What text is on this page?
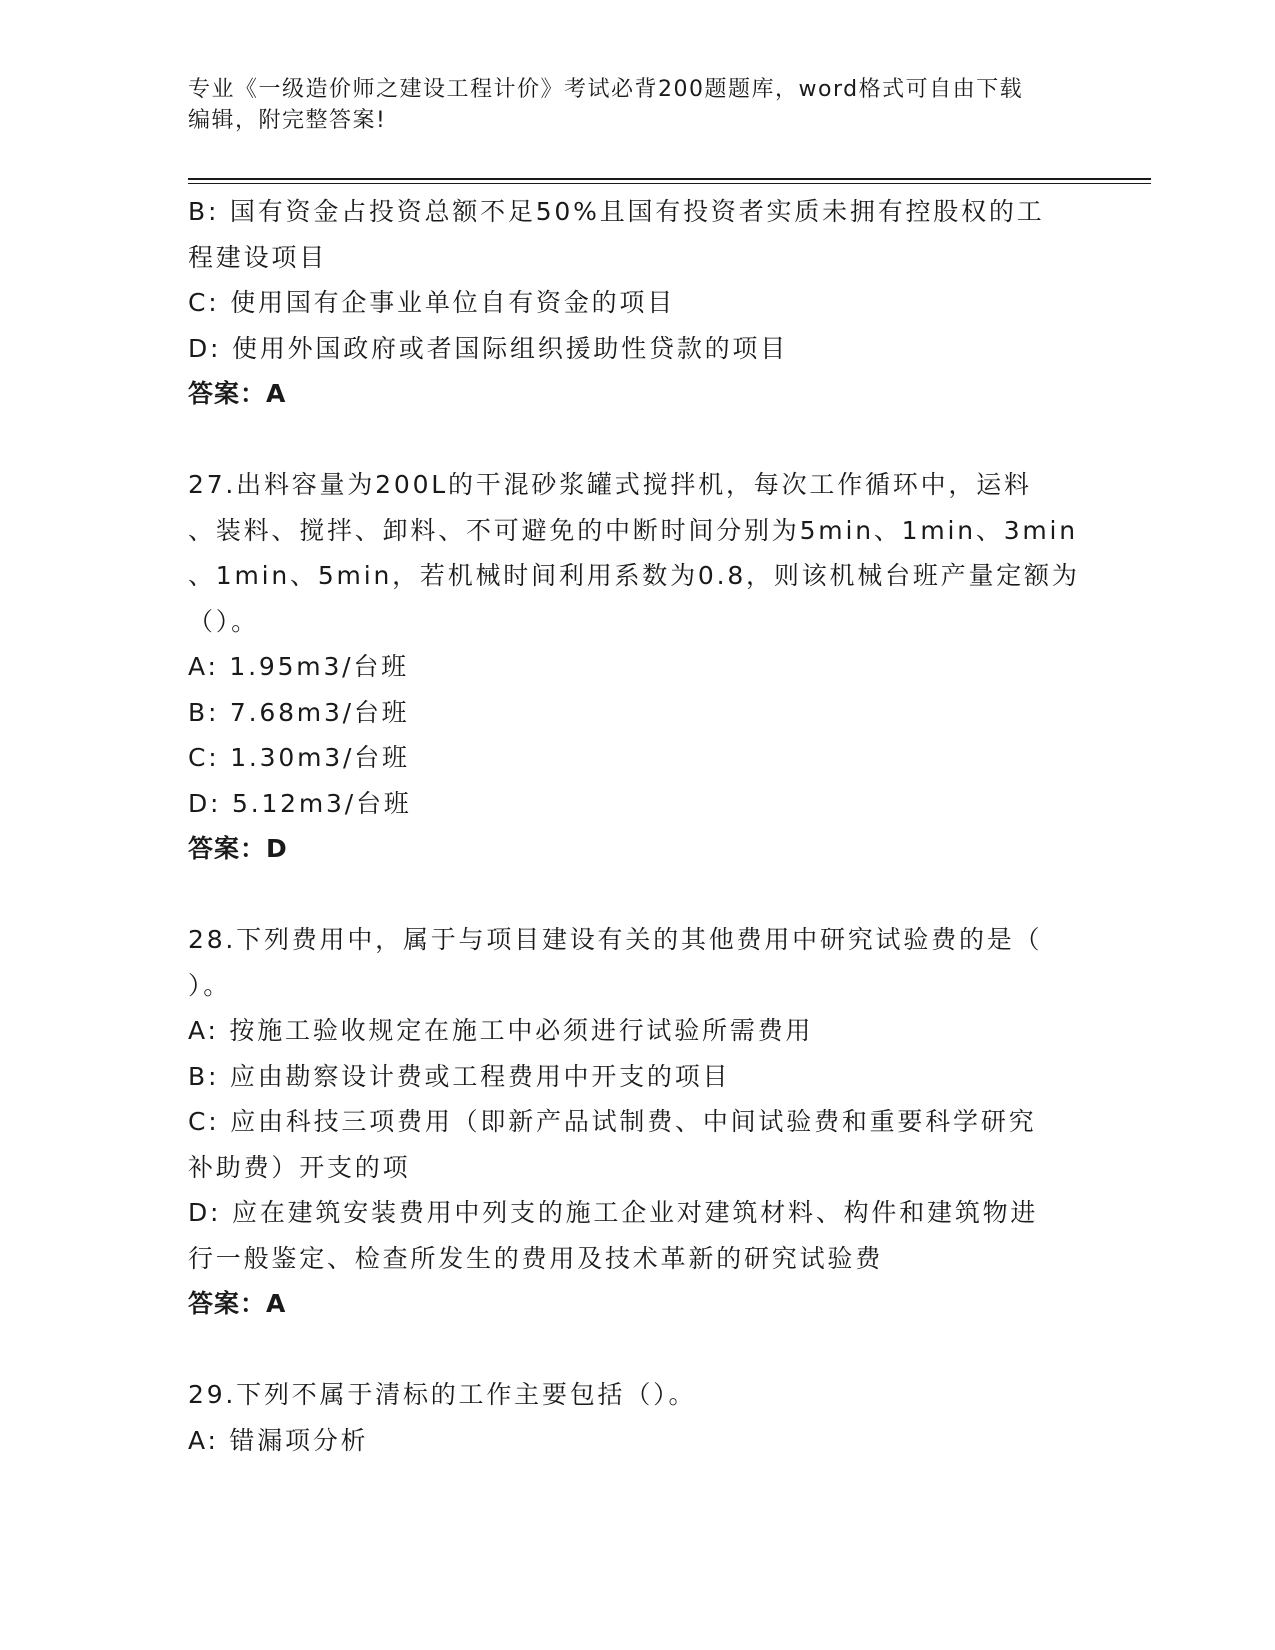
专业《一级造价师之建设工程计价》考试必背200题题库，word格式可自由下载
编辑，附完整答案!
B: 国有资金占投资总额不足50%且国有投资者实质未拥有控股权的工
程建设项目
C: 使用国有企事业单位自有资金的项目
D: 使用外国政府或者国际组织援助性贷款的项目
答案：A
27.出料容量为200L的干混砂浆罐式搅拌机，每次工作循环中，运料
、装料、搅拌、卸料、不可避免的中断时间分别为5min、1min、3min
、1min、5min，若机械时间利用系数为0.8，则该机械台班产量定额为
（）。
A: 1.95m3/台班
B: 7.68m3/台班
C: 1.30m3/台班
D: 5.12m3/台班
答案：D
28.下列费用中，属于与项目建设有关的其他费用中研究试验费的是（
）。
A: 按施工验收规定在施工中必须进行试验所需费用
B: 应由勘察设计费或工程费用中开支的项目
C: 应由科技三项费用（即新产品试制费、中间试验费和重要科学研究
补助费）开支的项
D: 应在建筑安装费用中列支的施工企业对建筑材料、构件和建筑物进
行一般鉴定、检查所发生的费用及技术革新的研究试验费
答案：A
29.下列不属于清标的工作主要包括（）。
A: 错漏项分析
